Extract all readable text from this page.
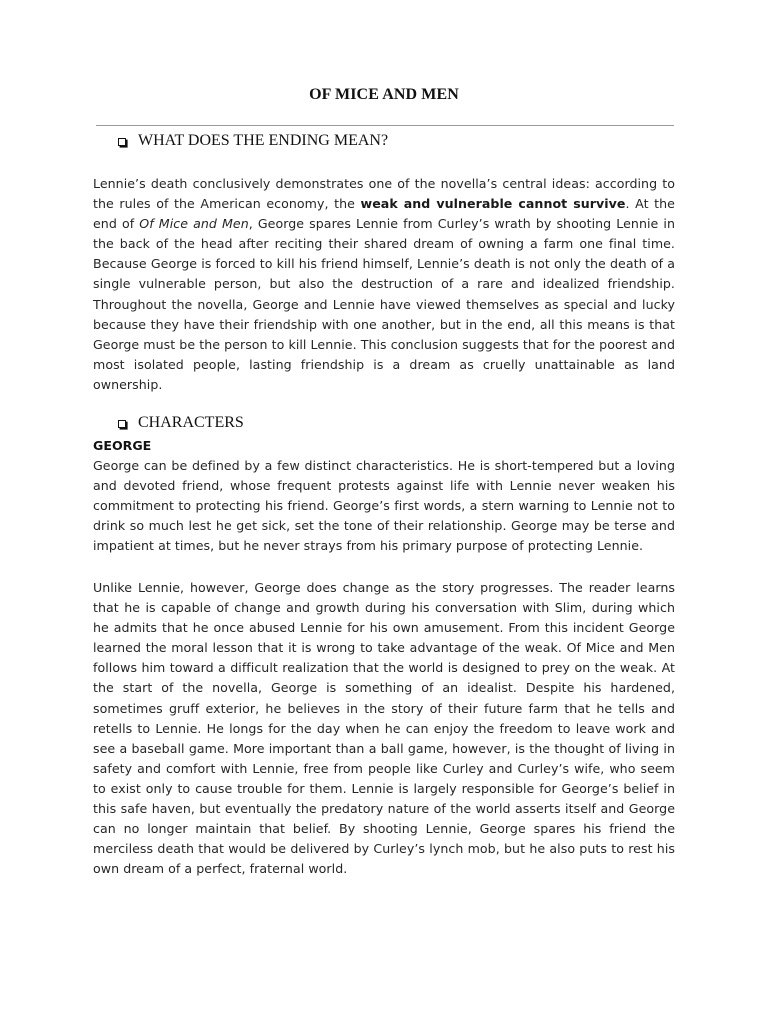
OF MICE AND MEN
WHAT DOES THE ENDING MEAN?

Lennie’s death conclusively demonstrates one of the novella’s central ideas: according to the rules of the American economy, the weak and vulnerable cannot survive. At the end of Of Mice and Men, George spares Lennie from Curley’s wrath by shooting Lennie in the back of the head after reciting their shared dream of owning a farm one final time. Because George is forced to kill his friend himself, Lennie’s death is not only the death of a single vulnerable person, but also the destruction of a rare and idealized friendship. Throughout the novella, George and Lennie have viewed themselves as special and lucky because they have their friendship with one another, but in the end, all this means is that George must be the person to kill Lennie. This conclusion suggests that for the poorest and most isolated people, lasting friendship is a dream as cruelly unattainable as land ownership.

CHARACTERS
GEORGE

George can be defined by a few distinct characteristics. He is short-tempered but a loving and devoted friend, whose frequent protests against life with Lennie never weaken his commitment to protecting his friend. George’s first words, a stern warning to Lennie not to drink so much lest he get sick, set the tone of their relationship. George may be terse and impatient at times, but he never strays from his primary purpose of protecting Lennie.

Unlike Lennie, however, George does change as the story progresses. The reader learns that he is capable of change and growth during his conversation with Slim, during which he admits that he once abused Lennie for his own amusement. From this incident George learned the moral lesson that it is wrong to take advantage of the weak. Of Mice and Men follows him toward a difficult realization that the world is designed to prey on the weak. At the start of the novella, George is something of an idealist. Despite his hardened, sometimes gruff exterior, he believes in the story of their future farm that he tells and retells to Lennie. He longs for the day when he can enjoy the freedom to leave work and see a baseball game. More important than a ball game, however, is the thought of living in safety and comfort with Lennie, free from people like Curley and Curley’s wife, who seem to exist only to cause trouble for them. Lennie is largely responsible for George’s belief in this safe haven, but eventually the predatory nature of the world asserts itself and George can no longer maintain that belief. By shooting Lennie, George spares his friend the merciless death that would be delivered by Curley’s lynch mob, but he also puts to rest his own dream of a perfect, fraternal world.
